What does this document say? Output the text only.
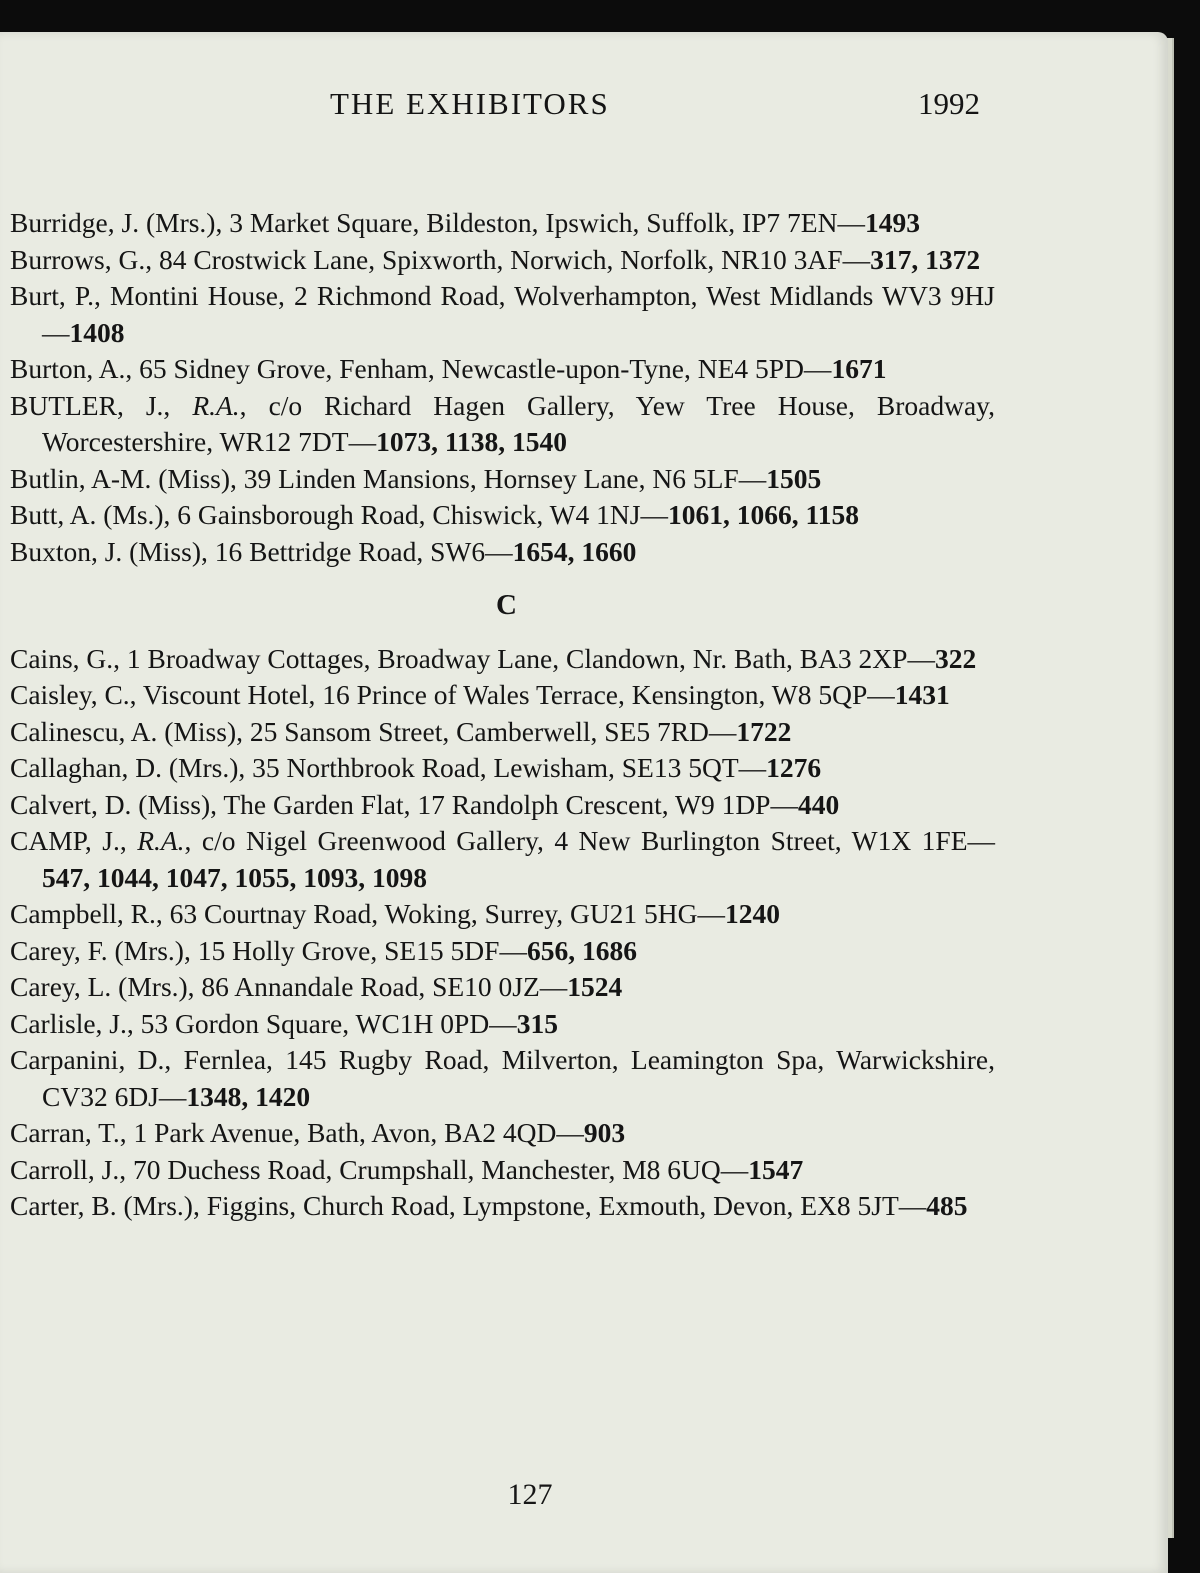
THE EXHIBITORS	1992
Burridge, J. (Mrs.), 3 Market Square, Bildeston, Ipswich, Suffolk, IP7 7EN—1493
Burrows, G., 84 Crostwick Lane, Spixworth, Norwich, Norfolk, NR10 3AF—317, 1372
Burt, P., Montini House, 2 Richmond Road, Wolverhampton, West Midlands WV3 9HJ—1408
Burton, A., 65 Sidney Grove, Fenham, Newcastle-upon-Tyne, NE4 5PD—1671
BUTLER, J., R.A., c/o Richard Hagen Gallery, Yew Tree House, Broadway, Worcestershire, WR12 7DT—1073, 1138, 1540
Butlin, A-M. (Miss), 39 Linden Mansions, Hornsey Lane, N6 5LF—1505
Butt, A. (Ms.), 6 Gainsborough Road, Chiswick, W4 1NJ—1061, 1066, 1158
Buxton, J. (Miss), 16 Bettridge Road, SW6—1654, 1660
C
Cains, G., 1 Broadway Cottages, Broadway Lane, Clandown, Nr. Bath, BA3 2XP—322
Caisley, C., Viscount Hotel, 16 Prince of Wales Terrace, Kensington, W8 5QP—1431
Calinescu, A. (Miss), 25 Sansom Street, Camberwell, SE5 7RD—1722
Callaghan, D. (Mrs.), 35 Northbrook Road, Lewisham, SE13 5QT—1276
Calvert, D. (Miss), The Garden Flat, 17 Randolph Crescent, W9 1DP—440
CAMP, J., R.A., c/o Nigel Greenwood Gallery, 4 New Burlington Street, W1X 1FE—547, 1044, 1047, 1055, 1093, 1098
Campbell, R., 63 Courtnay Road, Woking, Surrey, GU21 5HG—1240
Carey, F. (Mrs.), 15 Holly Grove, SE15 5DF—656, 1686
Carey, L. (Mrs.), 86 Annandale Road, SE10 0JZ—1524
Carlisle, J., 53 Gordon Square, WC1H 0PD—315
Carpanini, D., Fernlea, 145 Rugby Road, Milverton, Leamington Spa, Warwickshire, CV32 6DJ—1348, 1420
Carran, T., 1 Park Avenue, Bath, Avon, BA2 4QD—903
Carroll, J., 70 Duchess Road, Crumpshall, Manchester, M8 6UQ—1547
Carter, B. (Mrs.), Figgins, Church Road, Lympstone, Exmouth, Devon, EX8 5JT—485
127
